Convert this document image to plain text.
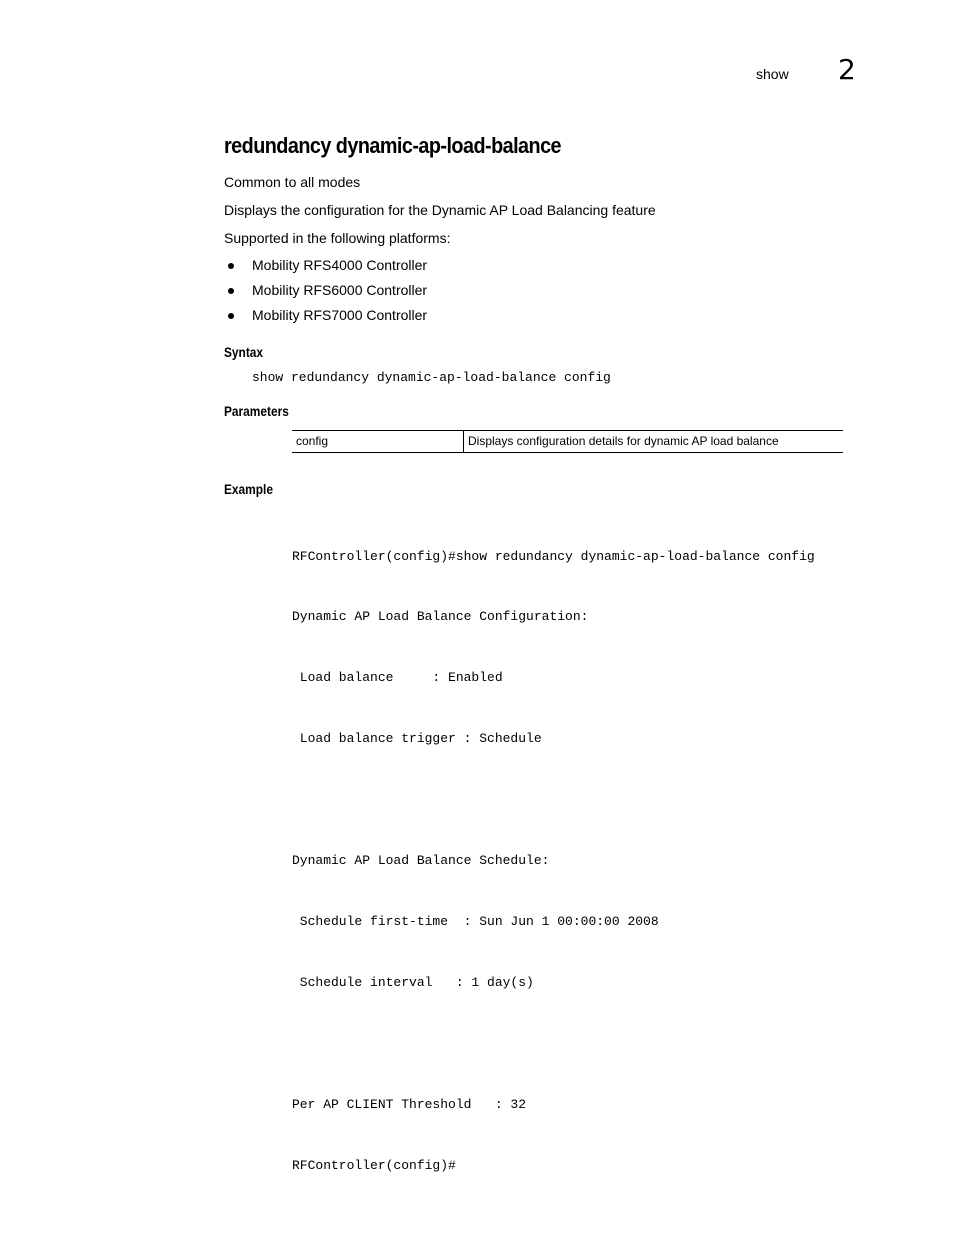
show 2
redundancy dynamic-ap-load-balance
Common to all modes
Displays the configuration for the Dynamic AP Load Balancing feature
Supported in the following platforms:
Mobility RFS4000 Controller
Mobility RFS6000 Controller
Mobility RFS7000 Controller
Syntax
show redundancy dynamic-ap-load-balance config
Parameters
config	Displays configuration details for dynamic AP load balance
Example

RFController(config)#show redundancy dynamic-ap-load-balance config

Dynamic AP Load Balance Configuration:

Load balance     : Enabled

Load balance trigger : Schedule

Dynamic AP Load Balance Schedule:

Schedule first-time  : Sun Jun 1 00:00:00 2008

Schedule interval   : 1 day(s)

Per AP CLIENT Threshold   : 32

RFController(config)#
